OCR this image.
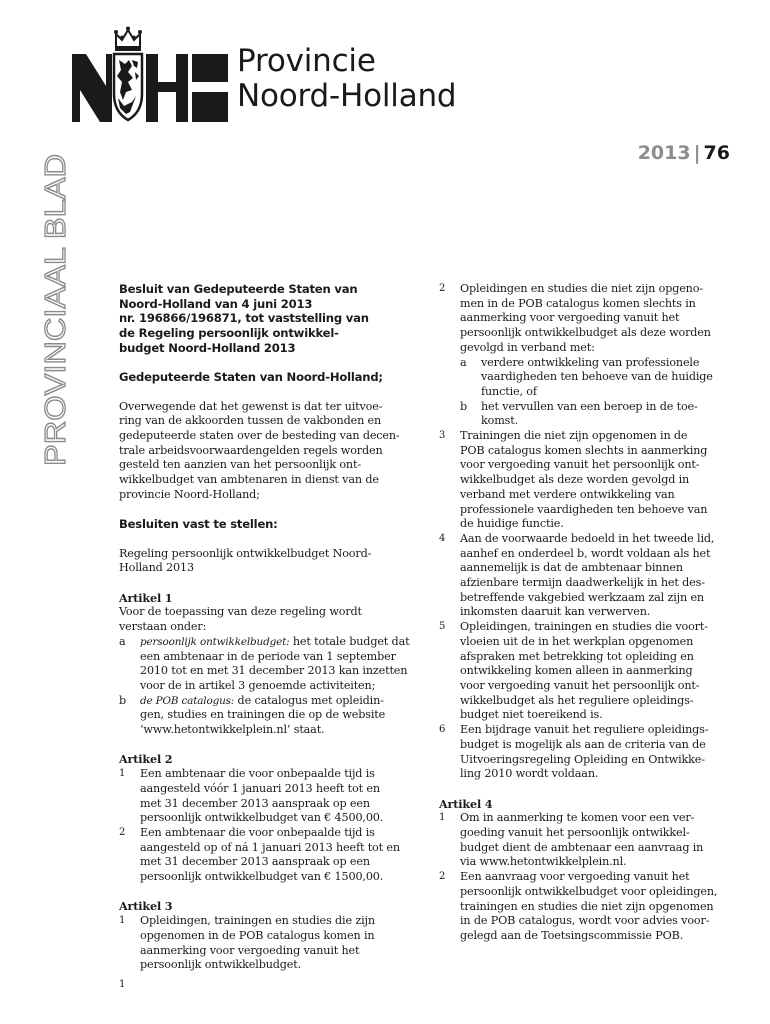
Provincie
Noord-Holland
2013 | 76
PROVINCIAAL BLAD	Besluit van Gedeputeerde Staten van
Noord-Holland van 4 juni 2013
nr. 196866/196871, tot vaststelling van
de Regeling persoonlijk ontwikkel-
budget Noord-Holland 2013
Gedeputeerde Staten van Noord-Holland;
Overwegende dat het gewenst is dat ter uitvoe-
ring van de akkoorden tussen de vakbonden en
gedeputeerde staten over de besteding van decen-
trale arbeidsvoorwaardengelden regels worden
gesteld ten aanzien van het persoonlijk ont-
wikkelbudget van ambtenaren in dienst van de
provincie Noord-Holland;
Besluiten vast te stellen:
Regeling persoonlijk ontwikkelbudget Noord-
Holland 2013
Artikel 1
Voor de toepassing van deze regeling wordt
verstaan onder:
a persoonlijk ontwikkelbudget: het totale budget dat
een ambtenaar in de periode van 1 september
2010 tot en met 31 december 2013 kan inzetten
voor de in artikel 3 genoemde activiteiten;
b de POB catalogus: de catalogus met opleidin-
gen, studies en trainingen die op de website
‘www.hetontwikkelplein.nl’ staat.
Artikel 2
1 Een ambtenaar die voor onbepaalde tijd is
aangesteld vóór 1 januari 2013 heeft tot en
met 31 december 2013 aanspraak op een
persoonlijk ontwikkelbudget van € 4500,00.
2 Een ambtenaar die voor onbepaalde tijd is
aangesteld op of ná 1 januari 2013 heeft tot en
met 31 december 2013 aanspraak op een
persoonlijk ontwikkelbudget van € 1500,00.
Artikel 3
1 Opleidingen, trainingen en studies die zijn
opgenomen in de POB catalogus komen in
aanmerking voor vergoeding vanuit het
persoonlijk ontwikkelbudget.
2 Opleidingen en studies die niet zijn opgeno-
men in de POB catalogus komen slechts in
aanmerking voor vergoeding vanuit het
persoonlijk ontwikkelbudget als deze worden
gevolgd in verband met:
a verdere ontwikkeling van professionele
vaardigheden ten behoeve van de huidige
functie, of
b het vervullen van een beroep in de toe-
komst.
3 Trainingen die niet zijn opgenomen in de
POB catalogus komen slechts in aanmerking
voor vergoeding vanuit het persoonlijk ont-
wikkelbudget als deze worden gevolgd in
verband met verdere ontwikkeling van
professionele vaardigheden ten behoeve van
de huidige functie.
4 Aan de voorwaarde bedoeld in het tweede lid,
aanhef en onderdeel b, wordt voldaan als het
aannemelijk is dat de ambtenaar binnen
afzienbare termijn daadwerkelijk in het des-
betreffende vakgebied werkzaam zal zijn en
inkomsten daaruit kan verwerven.
5 Opleidingen, trainingen en studies die voort-
vloeien uit de in het werkplan opgenomen
afspraken met betrekking tot opleiding en
ontwikkeling komen alleen in aanmerking
voor vergoeding vanuit het persoonlijk ont-
wikkelbudget als het reguliere opleidings-
budget niet toereikend is.
6 Een bijdrage vanuit het reguliere opleidings-
budget is mogelijk als aan de criteria van de
Uitvoeringsregeling Opleiding en Ontwikke-
ling 2010 wordt voldaan.
Artikel 4
1 Om in aanmerking te komen voor een ver-
goeding vanuit het persoonlijk ontwikkel-
budget dient de ambtenaar een aanvraag in
via www.hetontwikkelplein.nl.
2 Een aanvraag voor vergoeding vanuit het
persoonlijk ontwikkelbudget voor opleidingen,
trainingen en studies die niet zijn opgenomen
in de POB catalogus, wordt voor advies voor-
gelegd aan de Toetsingscommissie POB.
1
